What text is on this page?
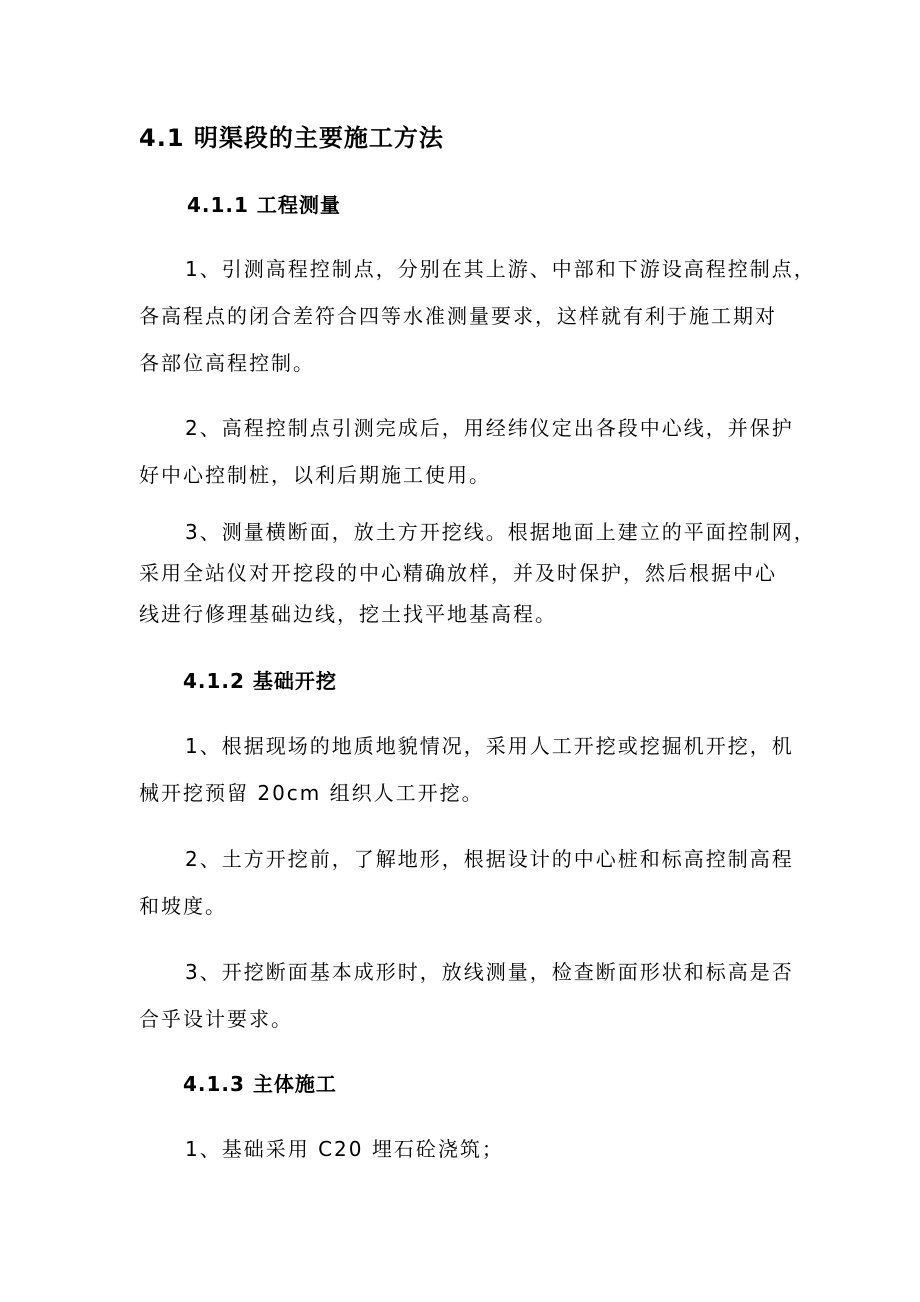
4.1 明渠段的主要施工方法
4.1.1 工程测量
1、引测高程控制点，分别在其上游、中部和下游设高程控制点，
各高程点的闭合差符合四等水准测量要求，这样就有利于施工期对
各部位高程控制。
2、高程控制点引测完成后，用经纬仪定出各段中心线，并保护
好中心控制桩，以利后期施工使用。
3、测量横断面，放土方开挖线。根据地面上建立的平面控制网，
采用全站仪对开挖段的中心精确放样，并及时保护，然后根据中心
线进行修理基础边线，挖土找平地基高程。
4.1.2 基础开挖
1、根据现场的地质地貌情况，采用人工开挖或挖掘机开挖，机
械开挖预留 20cm 组织人工开挖。
2、土方开挖前，了解地形，根据设计的中心桩和标高控制高程
和坡度。
3、开挖断面基本成形时，放线测量，检查断面形状和标高是否
合乎设计要求。
4.1.3 主体施工
1、基础采用 C20 埋石砼浇筑；
